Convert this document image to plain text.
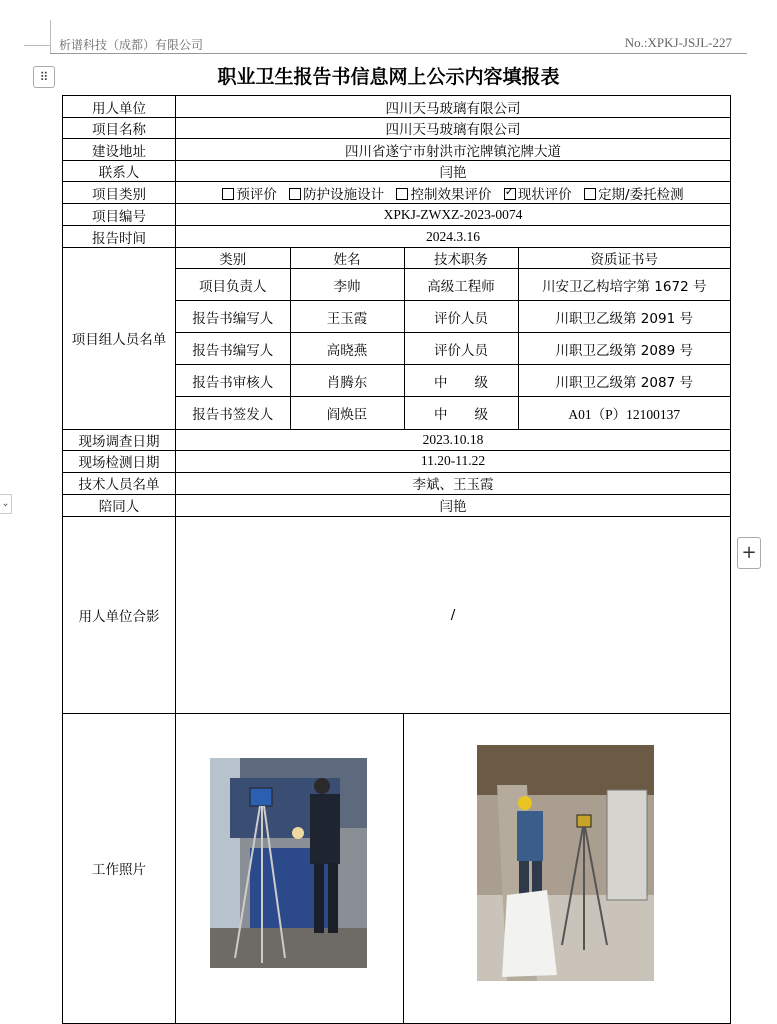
析谱科技（成都）有限公司	No.:XPKJ-JSJL-227
⠿
⌄
+
职业卫生报告书信息网上公示内容填报表
用人单位	四川天马玻璃有限公司
项目名称	四川天马玻璃有限公司
建设地址	四川省遂宁市射洪市沱牌镇沱牌大道
联系人	闫艳
项目类别	预评价 防护设施设计 控制效果评价 ✓ 现状评价 定期/委托检测
项目编号	XPKJ-ZWXZ-2023-0074
报告时间	2024.3.16
项目组人员名单	
类别	姓名	技术职务	资质证书号
项目负责人	李帅	高级工程师	川安卫乙构培字第 1672 号
报告书编写人	王玉霞	评价人员	川职卫乙级第 2091 号
报告书编写人	高晓燕	评价人员	川职卫乙级第 2089 号
报告书审核人	肖腾东	中　　级	川职卫乙级第 2087 号
报告书签发人	阎焕臣	中　　级	A01（P）12100137

现场调查日期	2023.10.18
现场检测日期	11.20-11.22
技术人员名单	李斌、王玉霞
陪同人	闫艳
用人单位合影	/
工作照片	
